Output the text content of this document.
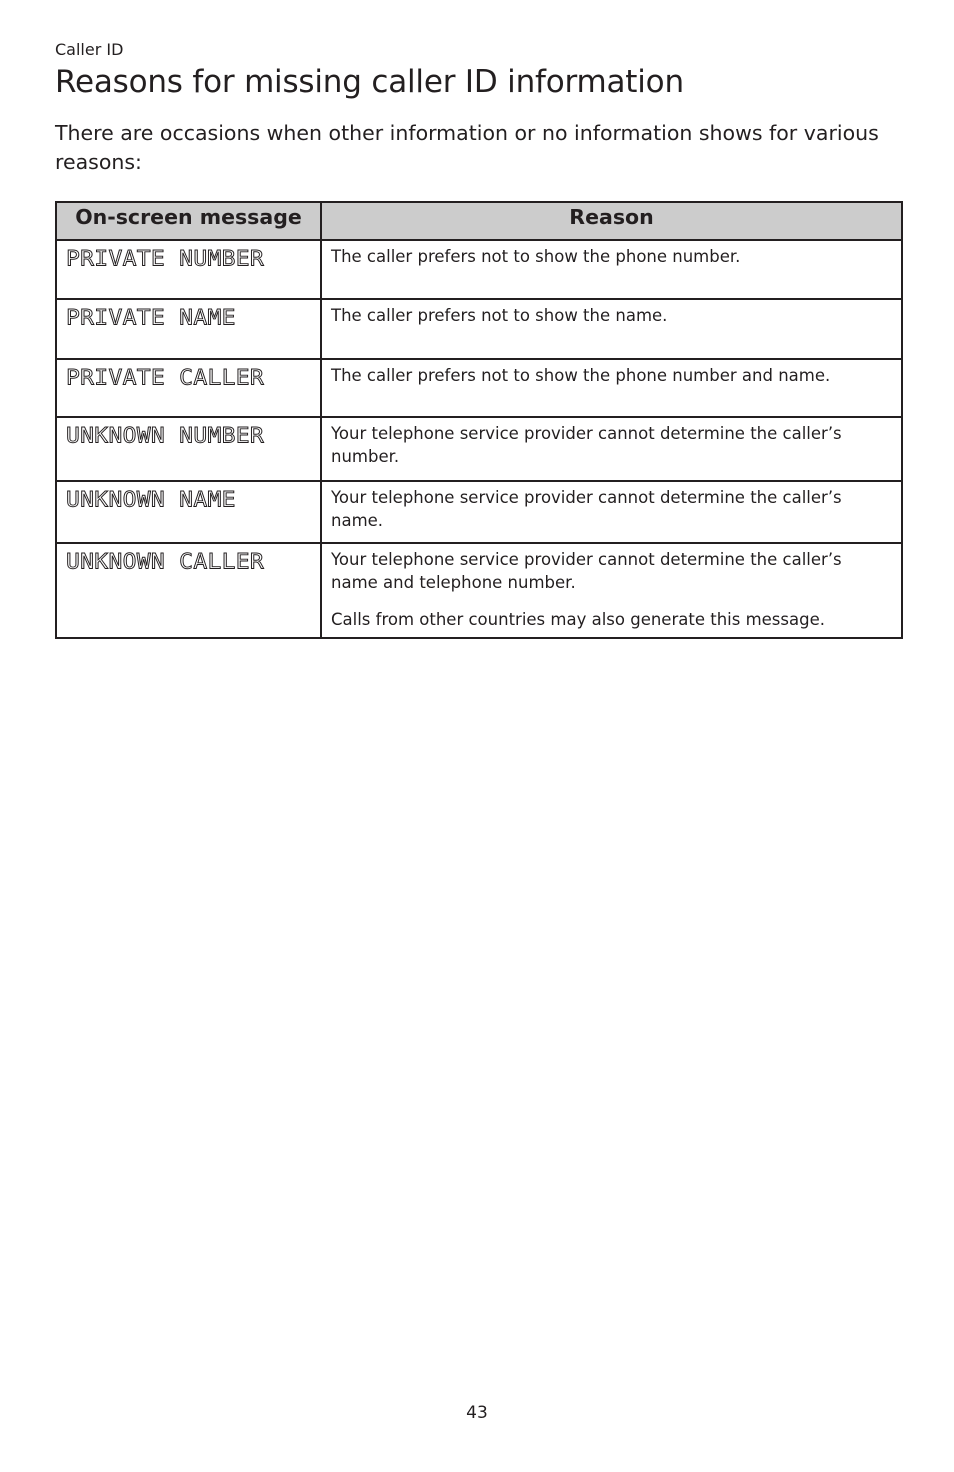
Caller ID
Reasons for missing caller ID information

There are occasions when other information or no information shows for various reasons:

On-screen message	Reason
PRIVATE NUMBER	The caller prefers not to show the phone number.

PRIVATE NAME	The caller prefers not to show the name.

PRIVATE CALLER	The caller prefers not to show the phone number and name.

UNKNOWN NUMBER	Your telephone service provider cannot determine the caller’s number.

UNKNOWN NAME	Your telephone service provider cannot determine the caller’s name.

UNKNOWN CALLER	Your telephone service provider cannot determine the caller’s name and telephone number.

Calls from other countries may also generate this message.

43
